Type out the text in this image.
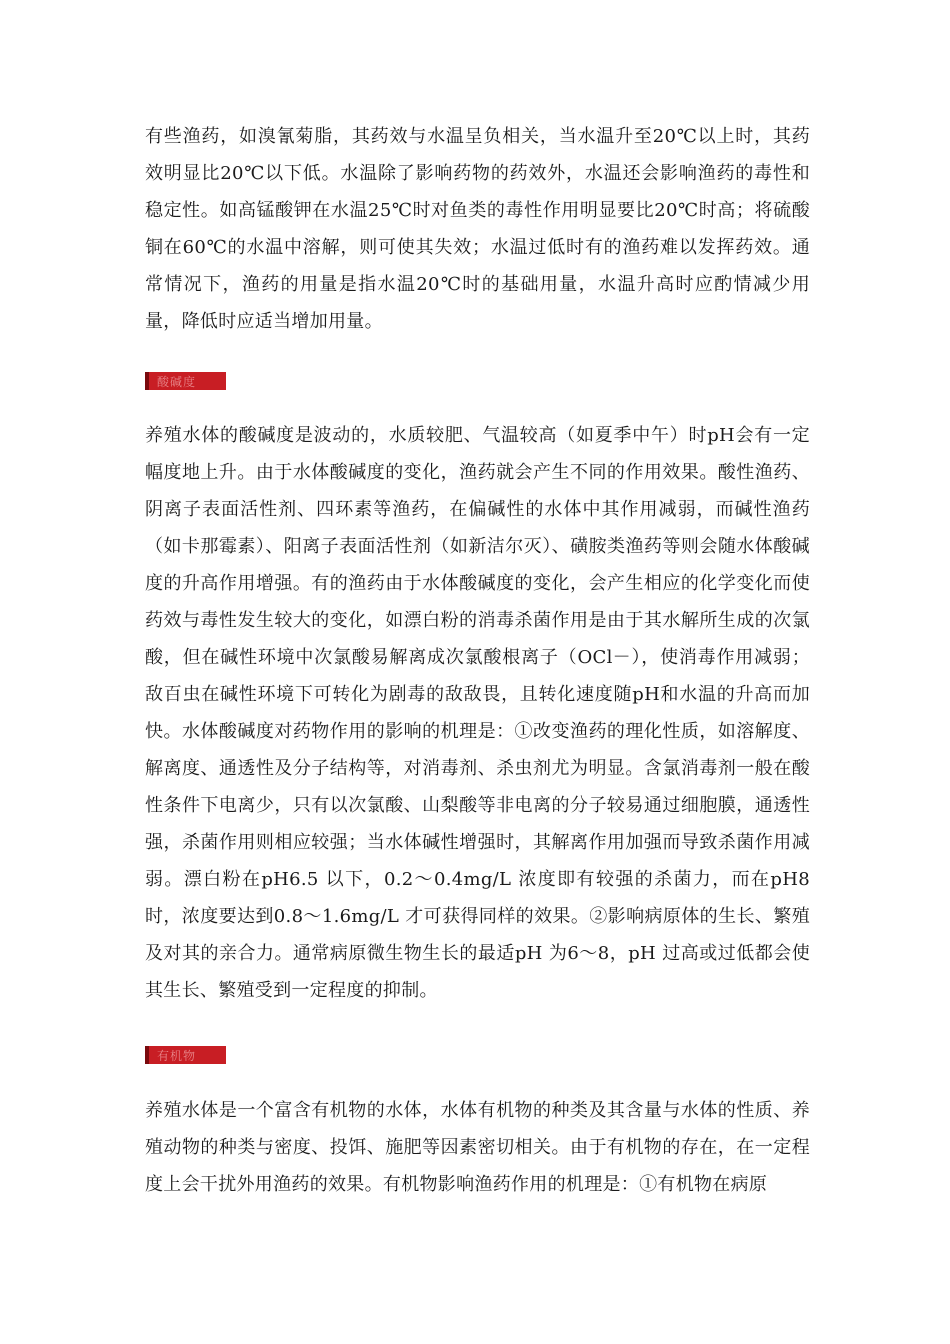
有些渔药，如溴氰菊脂，其药效与水温呈负相关，当水温升至20℃以上时，其药效明显比20℃以下低。水温除了影响药物的药效外，水温还会影响渔药的毒性和稳定性。如高锰酸钾在水温25℃时对鱼类的毒性作用明显要比20℃时高；将硫酸铜在60℃的水温中溶解，则可使其失效；水温过低时有的渔药难以发挥药效。通常情况下，渔药的用量是指水温20℃时的基础用量，水温升高时应酌情减少用量，降低时应适当增加用量。

酸碱度

养殖水体的酸碱度是波动的，水质较肥、气温较高（如夏季中午）时pH会有一定幅度地上升。由于水体酸碱度的变化，渔药就会产生不同的作用效果。酸性渔药、阴离子表面活性剂、四环素等渔药，在偏碱性的水体中其作用减弱，而碱性渔药（如卡那霉素）、阳离子表面活性剂（如新洁尔灭）、磺胺类渔药等则会随水体酸碱度的升高作用增强。有的渔药由于水体酸碱度的变化，会产生相应的化学变化而使药效与毒性发生较大的变化，如漂白粉的消毒杀菌作用是由于其水解所生成的次氯酸，但在碱性环境中次氯酸易解离成次氯酸根离子（OCl－），使消毒作用减弱；敌百虫在碱性环境下可转化为剧毒的敌敌畏，且转化速度随pH和水温的升高而加快。水体酸碱度对药物作用的影响的机理是：①改变渔药的理化性质，如溶解度、解离度、通透性及分子结构等，对消毒剂、杀虫剂尤为明显。含氯消毒剂一般在酸性条件下电离少，只有以次氯酸、山梨酸等非电离的分子较易通过细胞膜，通透性强，杀菌作用则相应较强；当水体碱性增强时，其解离作用加强而导致杀菌作用减弱。漂白粉在pH6.5 以下，0.2～0.4mg/L 浓度即有较强的杀菌力，而在pH8 时，浓度要达到0.8～1.6mg/L 才可获得同样的效果。②影响病原体的生长、繁殖及对其的亲合力。通常病原微生物生长的最适pH 为6～8，pH 过高或过低都会使其生长、繁殖受到一定程度的抑制。

有机物

养殖水体是一个富含有机物的水体，水体有机物的种类及其含量与水体的性质、养殖动物的种类与密度、投饵、施肥等因素密切相关。由于有机物的存在，在一定程度上会干扰外用渔药的效果。有机物影响渔药作用的机理是：①有机物在病原
